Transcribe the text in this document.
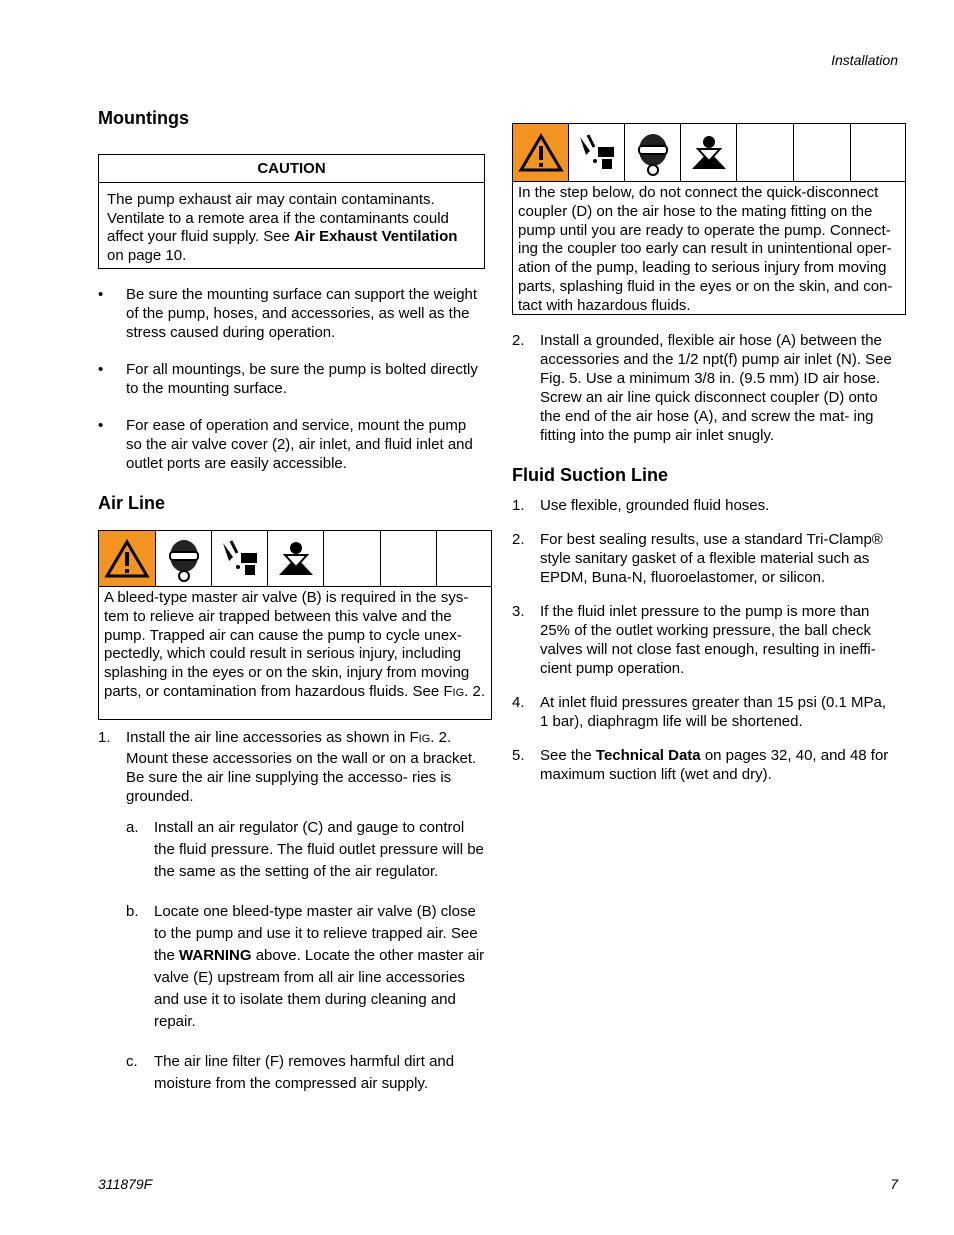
Installation
311879F	7
Mountings
CAUTION
The pump exhaust air may contain contaminants. Ventilate to a remote area if the contaminants could affect your fluid supply. See Air Exhaust Ventilation on page 10.
• Be sure the mounting surface can support the weight of the pump, hoses, and accessories, as well as the stress caused during operation.
• For all mountings, be sure the pump is bolted directly to the mounting surface.
• For ease of operation and service, mount the pump so the air valve cover (2), air inlet, and fluid inlet and outlet ports are easily accessible.
Air Line
A bleed-type master air valve (B) is required in the sys- tem to relieve air trapped between this valve and the pump. Trapped air can cause the pump to cycle unex- pectedly, which could result in serious injury, including splashing in the eyes or on the skin, injury from moving parts, or contamination from hazardous fluids. See FIG. 2.
1. Install the air line accessories as shown in FIG. 2. Mount these accessories on the wall or on a bracket. Be sure the air line supplying the accesso- ries is grounded.
a. Install an air regulator (C) and gauge to control the fluid pressure. The fluid outlet pressure will be the same as the setting of the air regulator.
b. Locate one bleed-type master air valve (B) close to the pump and use it to relieve trapped air. See the WARNING above. Locate the other master air valve (E) upstream from all air line accessories and use it to isolate them during cleaning and repair.
c. The air line filter (F) removes harmful dirt and moisture from the compressed air supply.
In the step below, do not connect the quick-disconnect coupler (D) on the air hose to the mating fitting on the pump until you are ready to operate the pump. Connect- ing the coupler too early can result in unintentional oper- ation of the pump, leading to serious injury from moving parts, splashing fluid in the eyes or on the skin, and con- tact with hazardous fluids.
2. Install a grounded, flexible air hose (A) between the accessories and the 1/2 npt(f) pump air inlet (N). See Fig. 5. Use a minimum 3/8 in. (9.5 mm) ID air hose. Screw an air line quick disconnect coupler (D) onto the end of the air hose (A), and screw the mat- ing fitting into the pump air inlet snugly.
Fluid Suction Line
1. Use flexible, grounded fluid hoses.
2. For best sealing results, use a standard Tri-Clamp® style sanitary gasket of a flexible material such as EPDM, Buna-N, fluoroelastomer, or silicon.
3. If the fluid inlet pressure to the pump is more than 25% of the outlet working pressure, the ball check valves will not close fast enough, resulting in ineffi- cient pump operation.
4. At inlet fluid pressures greater than 15 psi (0.1 MPa, 1 bar), diaphragm life will be shortened.
5. See the Technical Data on pages 32, 40, and 48 for maximum suction lift (wet and dry).
